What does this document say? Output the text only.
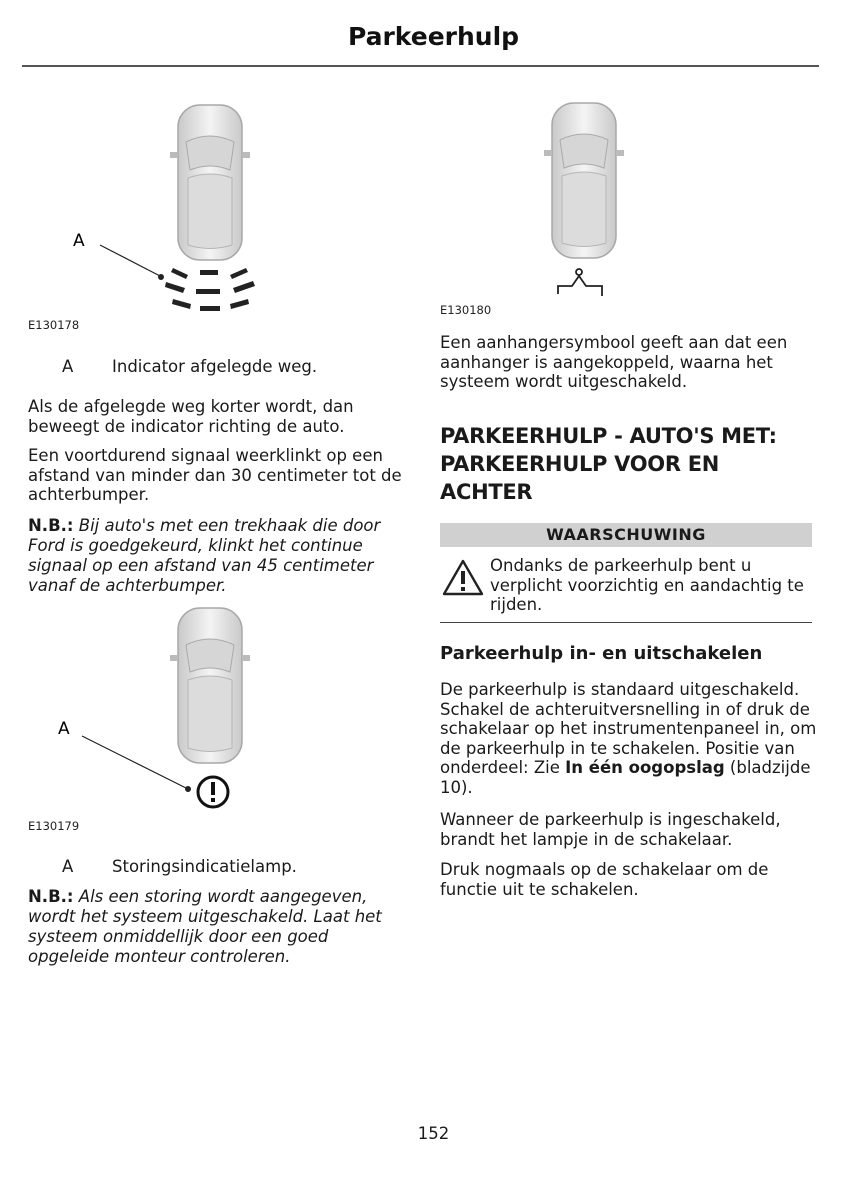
Parkeerhulp
A
E130178
A Indicator afgelegde weg.

Als de afgelegde weg korter wordt, dan beweegt de indicator richting de auto.

Een voortdurend signaal weerklinkt op een afstand van minder dan 30 centimeter tot de achterbumper.

N.B.: Bij auto's met een trekhaak die door Ford is goedgekeurd, klinkt het continue signaal op een afstand van 45 centimeter vanaf de achterbumper.

A
E130179
A Storingsindicatielamp.

N.B.: Als een storing wordt aangegeven, wordt het systeem uitgeschakeld. Laat het systeem onmiddellijk door een goed opgeleide monteur controleren.

E130180

Een aanhangersymbool geeft aan dat een aanhanger is aangekoppeld, waarna het systeem wordt uitgeschakeld.

PARKEERHULP - AUTO'S MET: PARKEERHULP VOOR EN ACHTER

WAARSCHUWING

Ondanks de parkeerhulp bent u verplicht voorzichtig en aandachtig te rijden.

Parkeerhulp in- en uitschakelen

De parkeerhulp is standaard uitgeschakeld. Schakel de achteruitversnelling in of druk de schakelaar op het instrumentenpaneel in, om de parkeerhulp in te schakelen. Positie van onderdeel: Zie In één oogopslag (bladzijde 10).

Wanneer de parkeerhulp is ingeschakeld, brandt het lampje in de schakelaar.

Druk nogmaals op de schakelaar om de functie uit te schakelen.

152
